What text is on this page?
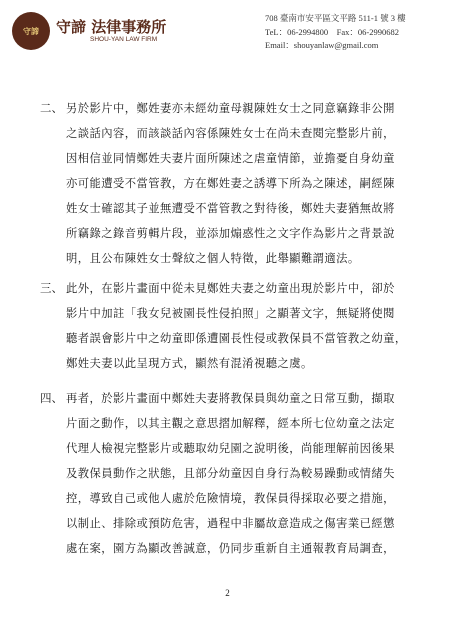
守諦 守諦 法律事務所
SHOU-YAN LAW FIRM
708 臺南市安平區文平路 511-1 號 3 樓
TeL：06-2994800　Fax：06-2990682
Email：shouyanlaw@gmail.com
二、 另於影片中，鄭姓妻亦未經幼童母親陳姓女士之同意竊錄非公開
之談話內容，而該談話內容係陳姓女士在尚未查閱完整影片前，
因相信並同情鄭姓夫妻片面所陳述之虐童情節，並擔憂自身幼童
亦可能遭受不當管教，方在鄭姓妻之誘導下所為之陳述，嗣經陳
姓女士確認其子並無遭受不當管教之對待後，鄭姓夫妻猶無故將
所竊錄之錄音剪輯片段，並添加煽惑性之文字作為影片之背景說
明，且公布陳姓女士聲紋之個人特徵，此舉顯難謂適法。
三、 此外，在影片畫面中從未見鄭姓夫妻之幼童出現於影片中，卻於
影片中加註「我女兒被園長性侵拍照」之顯著文字，無疑將使閱
聽者誤會影片中之幼童即係遭園長性侵或教保員不當管教之幼童，
鄭姓夫妻以此呈現方式，顯然有混淆視聽之虞。
四、 再者，於影片畫面中鄭姓夫妻將教保員與幼童之日常互動，擷取
片面之動作，以其主觀之意思摺加解釋，經本所七位幼童之法定
代理人檢視完整影片或聽取幼兒園之說明後，尚能理解前因後果
及教保員動作之狀態，且部分幼童因自身行為較易躁動或情緒失
控，導致自己或他人處於危險情境，教保員得採取必要之措施，
以制止、排除或預防危害，過程中非屬故意造成之傷害業已經懲
處在案，園方為顯改善誠意，仍同步重新自主通報教育局調查，
2
